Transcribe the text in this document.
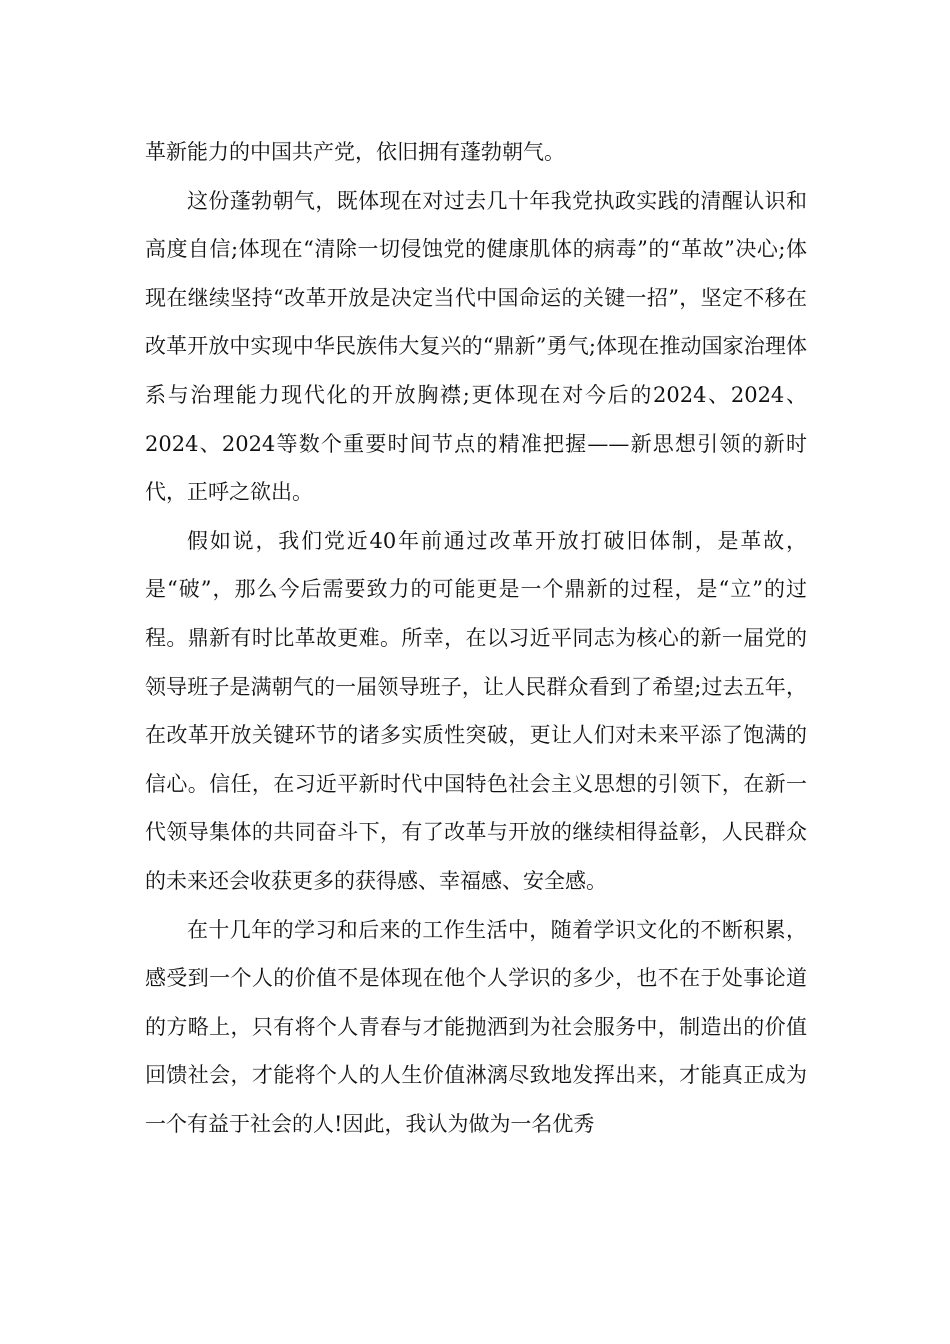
革新能力的中国共产党，依旧拥有蓬勃朝气。

这份蓬勃朝气，既体现在对过去几十年我党执政实践的清醒认识和高度自信;体现在“清除一切侵蚀党的健康肌体的病毒”的“革故”决心;体现在继续坚持“改革开放是决定当代中国命运的关键一招”，坚定不移在改革开放中实现中华民族伟大复兴的“鼎新”勇气;体现在推动国家治理体系与治理能力现代化的开放胸襟;更体现在对今后的2024、2024、2024、2024等数个重要时间节点的精准把握——新思想引领的新时代，正呼之欲出。

假如说，我们党近40年前通过改革开放打破旧体制，是革故，是“破”，那么今后需要致力的可能更是一个鼎新的过程，是“立”的过程。鼎新有时比革故更难。所幸，在以习近平同志为核心的新一届党的领导班子是满朝气的一届领导班子，让人民群众看到了希望;过去五年，在改革开放关键环节的诸多实质性突破，更让人们对未来平添了饱满的信心。信任，在习近平新时代中国特色社会主义思想的引领下，在新一代领导集体的共同奋斗下，有了改革与开放的继续相得益彰，人民群众的未来还会收获更多的获得感、幸福感、安全感。

在十几年的学习和后来的工作生活中，随着学识文化的不断积累，感受到一个人的价值不是体现在他个人学识的多少，也不在于处事论道的方略上，只有将个人青春与才能抛洒到为社会服务中，制造出的价值回馈社会，才能将个人的人生价值淋漓尽致地发挥出来，才能真正成为一个有益于社会的人!因此，我认为做为一名优秀
